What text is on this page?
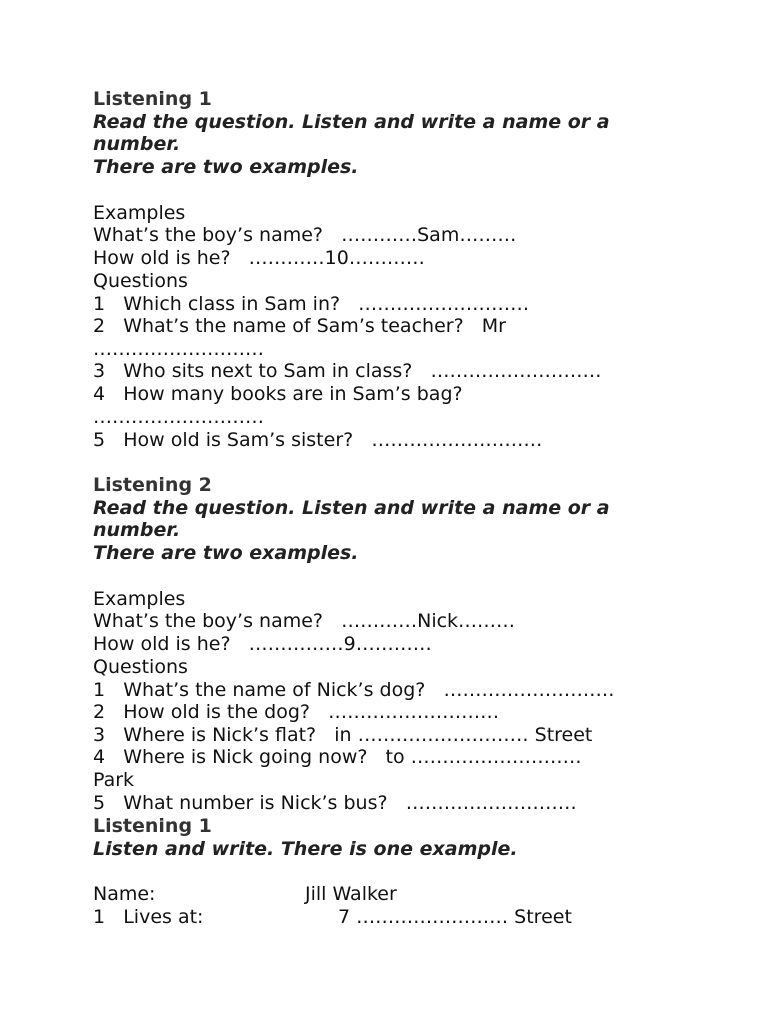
Listening 1
Read the question. Listen and write a name or a
number.
There are two examples.
Examples
What’s the boy’s name?   …………Sam………
How old is he?   …………10…………
Questions
1   Which class in Sam in?   ………………………
2   What’s the name of Sam’s teacher?   Mr
………………………
3   Who sits next to Sam in class?   ………………………
4   How many books are in Sam’s bag?
………………………
5   How old is Sam’s sister?   ………………………
Listening 2
Read the question. Listen and write a name or a
number.
There are two examples.
Examples
What’s the boy’s name?   …………Nick………
How old is he?   ……………9…………
Questions
1   What’s the name of Nick’s dog?   ………………………
2   How old is the dog?   ………………………
3   Where is Nick’s flat?   in ……………………… Street
4   Where is Nick going now?   to ………………………
Park
5   What number is Nick’s bus?   ………………………
Listening 1
Listen and write. There is one example.
Name:	Jill Walker
1   Lives at:	7 …………………… Street
